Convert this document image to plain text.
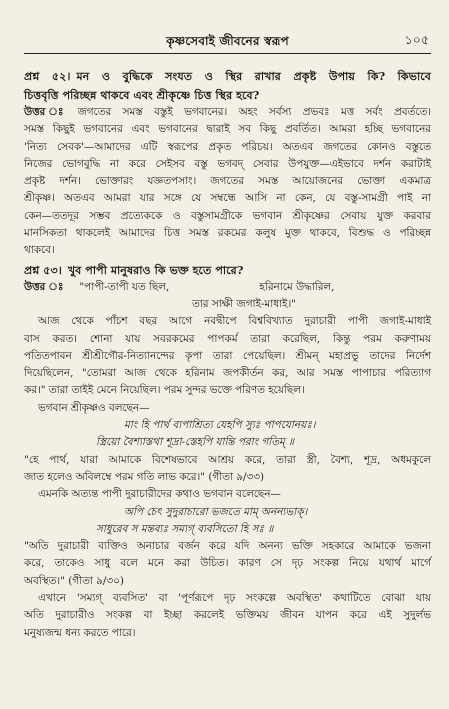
কৃষ্ণসেবাই জীবনের স্বরূপ	১০৫

প্রশ্ন ৫২। মন ও বুদ্ধিকে সংযত ও স্থির রাখার প্রকৃষ্ট উপায় কি? কিভাবে

চিত্তবৃত্তি পরিচ্ছন্ন থাকবে এবং শ্রীকৃষ্ণে চিত্ত স্থির হবে?

উত্তর ঃ জগতের সমস্ত বস্তুই ভগবানের। অহং সর্বস্য প্রভবঃ মত্ত সর্বং প্রবর্ততে।

সমস্ত কিছুই ভগবানের এবং ভগবানের দ্বারাই সব কিছু প্রবর্তিত। আমরা হচ্ছি ভগবানের

'নিত্য সেবক'—আমাদের এটি স্বরূপের প্রকৃত পরিচয়। অতএব জগতের কোনও বস্তুতে

নিজের ভোগবুদ্ধি না করে সেইসব বস্তু ভগবদ্ সেবার উপযুক্ত—এইভাবে দর্শন করাটাই

প্রকৃষ্ট দর্শন। ভোক্তারং যজ্ঞতপসাং। জগতের সমস্ত আয়োজনের ভোক্তা একমাত্র

শ্রীকৃষ্ণ। অতএব আমরা যার সঙ্গে যে সম্বন্ধে আসি না কেন, যে বস্তু-সামগ্রী পাই না

কেন—ততদূর সম্ভব প্রত্যেককে ও বস্তুসামগ্রীকে ভগবান শ্রীকৃষ্ণের সেবায় যুক্ত করবার

মানসিকতা থাকলেই আমাদের চিত্ত সমস্ত রকমের কলুষ মুক্ত থাকবে, বিশুদ্ধ ও পরিচ্ছন্ন

থাকবে।

প্রশ্ন ৫৩। খুব পাপী মানুষরাও কি ভক্ত হতে পারে?

উত্তর ঃ "পাপী-তাপী যত ছিল,	হরিনামে উদ্ধারিল,

তার সাক্ষী জগাই-মাধাই।"

আজ থেকে পাঁচশ বছর আগে নবদ্বীপে বিশ্ববিখ্যাত দুরাচারী পাপী জগাই-মাধাই

বাস করত। শোনা যায় সবরকমের পাপকর্ম তারা করেছিল, কিন্তু পরম করুণাময়

পতিতপাবন শ্রীশ্রীগৌর-নিত্যানন্দের কৃপা তারা পেয়েছিল। শ্রীমন্ মহাপ্রভু তাদের নির্দেশ

দিয়েছিলেন, "তোমরা আজ থেকে হরিনাম জপকীর্তন কর, আর সমস্ত পাপাচার পরিত্যাগ

কর।" তারা তাইই মেনে নিয়েছিল। পরম সুন্দর ভক্তে পরিণত হয়েছিল।

ভগবান শ্রীকৃষ্ণও বলছেন—

মাং হি পার্থ ব্যপাশ্রিত্য যেহপি স্যুঃ পাপযোনয়ঃ।

স্ত্রিয়ো বৈশ্যাস্তথা শূদ্রা-স্তেহপি যান্তি পরাং গতিম্ ॥

"হে পার্থ, যারা আমাকে বিশেষভাবে আশ্রয় করে, তারা স্ত্রী, বৈশ্য, শূদ্র, অধমকুলে

জাত হলেও অবিলম্বে পরম গতি লাভ করে।" (গীতা ৯/৩৩)

এমনকি অত্যন্ত পাপী দুরাচারীদের কথাও ভগবান বলেছেন—

অপি চেৎ সুদুরাচারো ভজতে মাম্ অনন্যভাক্।

সাধুরেব স মন্তব্যঃ সম্যগ্ ব্যবসিতো হি সঃ ॥

"অতি দুরাচারী ব্যক্তিও অনাচার বর্জন করে যদি অনন্য ভক্তি সহকারে আমাকে ভজনা

করে, তাকেও সাধু বলে মনে করা উচিত। কারণ সে দৃঢ় সংকল্প নিয়ে যথার্থ মার্গে

অবস্থিত।" (গীতা ৯/৩০)

এখানে 'সম্যগ্ ব্যবসিত' বা 'পূর্ণরূপে দৃঢ় সংকল্পে অবস্থিত' কথাটিতে বোঝা যায়

অতি দুরাচারীও সংকল্প বা ইচ্ছা করলেই ভক্তিময় জীবন যাপন করে এই সুদুর্লভ

মনুষ্যজন্ম ধন্য করতে পারে।
